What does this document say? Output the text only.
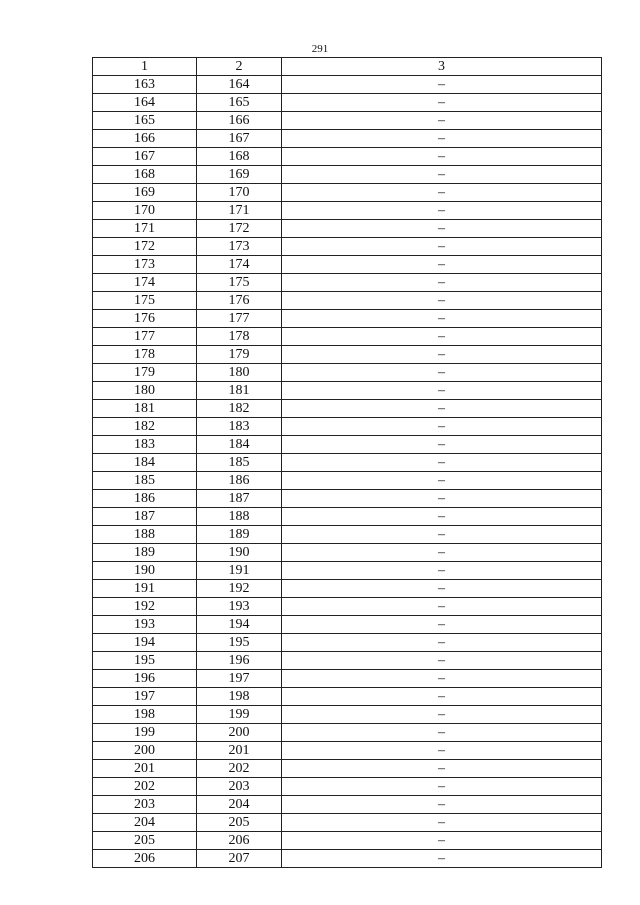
291
1	2	3
163	164	–
164	165	–
165	166	–
166	167	–
167	168	–
168	169	–
169	170	–
170	171	–
171	172	–
172	173	–
173	174	–
174	175	–
175	176	–
176	177	–
177	178	–
178	179	–
179	180	–
180	181	–
181	182	–
182	183	–
183	184	–
184	185	–
185	186	–
186	187	–
187	188	–
188	189	–
189	190	–
190	191	–
191	192	–
192	193	–
193	194	–
194	195	–
195	196	–
196	197	–
197	198	–
198	199	–
199	200	–
200	201	–
201	202	–
202	203	–
203	204	–
204	205	–
205	206	–
206	207	–
